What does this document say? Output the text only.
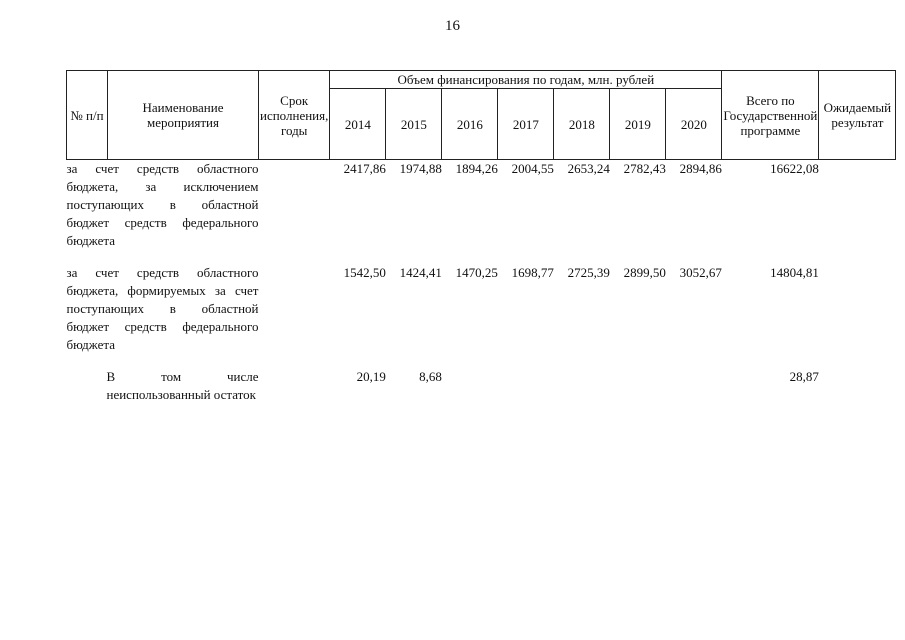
16
№ п/п	Наименование мероприятия	Срок исполнения, годы	Объем финансирования по годам, млн. рублей							Всего по Государственной программе	Ожидаемый результат
			2014	2015	2016	2017	2018	2019	2020		
за счет средств областного бюджета, за исключением поступающих в областной бюджет средств федерального бюджета			2417,86	1974,88	1894,26	2004,55	2653,24	2782,43	2894,86	16622,08	
за счет средств областного бюджета, формируемых за счет поступающих в областной бюджет средств федерального бюджета			1542,50	1424,41	1470,25	1698,77	2725,39	2899,50	3052,67	14804,81	
В том числе неиспользованный остаток			20,19	8,68						28,87	
